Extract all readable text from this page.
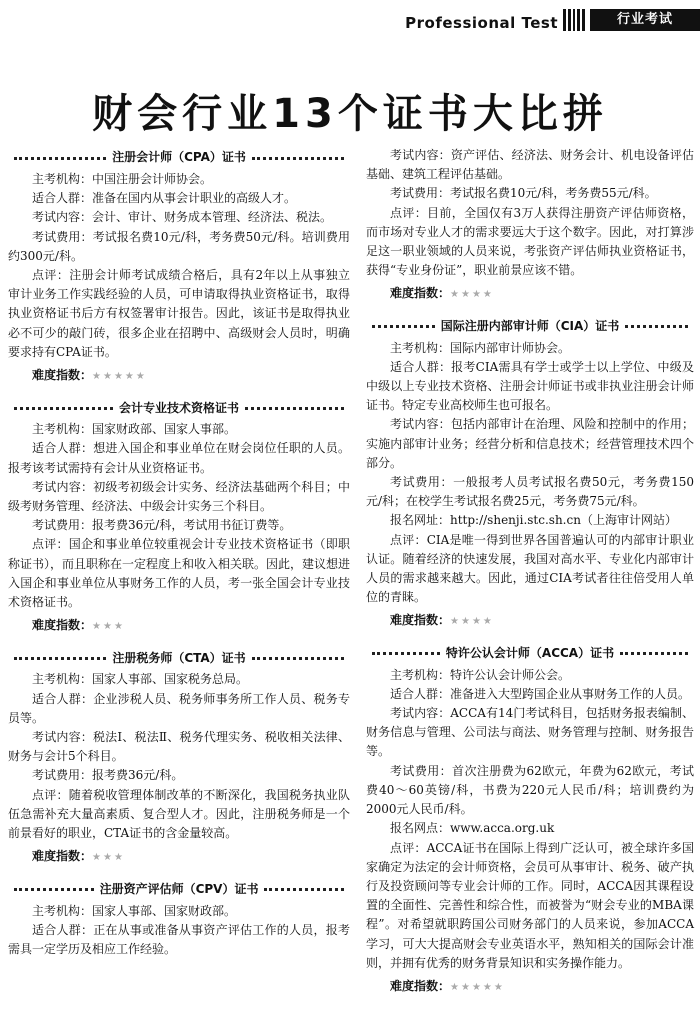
Professional Test	行业考试
财会行业13个证书大比拼
注册会计师（CPA）证书

主考机构：中国注册会计师协会。

适合人群：准备在国内从事会计职业的高级人才。

考试内容：会计、审计、财务成本管理、经济法、税法。

考试费用：考试报名费10元/科，考务费50元/科。培训费用约300元/科。

点评：注册会计师考试成绩合格后，具有2年以上从事独立审计业务工作实践经验的人员，可申请取得执业资格证书，取得执业资格证书后方有权签署审计报告。因此，该证书是取得执业必不可少的敲门砖，很多企业在招聘中、高级财会人员时，明确要求持有CPA证书。

难度指数：★★★★★
会计专业技术资格证书

主考机构：国家财政部、国家人事部。

适合人群：想进入国企和事业单位在财会岗位任职的人员。报考该考试需持有会计从业资格证书。

考试内容：初级考初级会计实务、经济法基础两个科目；中级考财务管理、经济法、中级会计实务三个科目。

考试费用：报考费36元/科，考试用书征订费等。

点评：国企和事业单位较重视会计专业技术资格证书（即职称证书），而且职称在一定程度上和收入相关联。因此，建议想进入国企和事业单位从事财务工作的人员，考一张全国会计专业技术资格证书。

难度指数：★★★
注册税务师（CTA）证书

主考机构：国家人事部、国家税务总局。

适合人群：企业涉税人员、税务师事务所工作人员、税务专员等。

考试内容：税法Ⅰ、税法Ⅱ、税务代理实务、税收相关法律、财务与会计5个科目。

考试费用：报考费36元/科。

点评：随着税收管理体制改革的不断深化，我国税务执业队伍急需补充大量高素质、复合型人才。因此，注册税务师是一个前景看好的职业，CTA证书的含金量较高。

难度指数：★★★
注册资产评估师（CPV）证书

主考机构：国家人事部、国家财政部。

适合人群：正在从事或准备从事资产评估工作的人员，报考需具一定学历及相应工作经验。

考试内容：资产评估、经济法、财务会计、机电设备评估基础、建筑工程评估基础。

考试费用：考试报名费10元/科，考务费55元/科。

点评：目前，全国仅有3万人获得注册资产评估师资格，而市场对专业人才的需求要远大于这个数字。因此，对打算涉足这一职业领域的人员来说，考张资产评估师执业资格证书，获得“专业身份证”，职业前景应该不错。

难度指数：★★★★
国际注册内部审计师（CIA）证书

主考机构：国际内部审计师协会。

适合人群：报考CIA需具有学士或学士以上学位、中级及中级以上专业技术资格、注册会计师证书或非执业注册会计师证书。特定专业高校师生也可报名。

考试内容：包括内部审计在治理、风险和控制中的作用；实施内部审计业务；经营分析和信息技术；经营管理技术四个部分。

考试费用：一般报考人员考试报名费50元，考务费150元/科；在校学生考试报名费25元，考务费75元/科。

报名网址：http://shenji.stc.sh.cn（上海审计网站）

点评：CIA是唯一得到世界各国普遍认可的内部审计职业认证。随着经济的快速发展，我国对高水平、专业化内部审计人员的需求越来越大。因此，通过CIA考试者往往倍受用人单位的青睐。

难度指数：★★★★
特许公认会计师（ACCA）证书

主考机构：特许公认会计师公会。

适合人群：准备进入大型跨国企业从事财务工作的人员。

考试内容：ACCA有14门考试科目，包括财务报表编制、财务信息与管理、公司法与商法、财务管理与控制、财务报告等。

考试费用：首次注册费为62欧元，年费为62欧元，考试费40～60英镑/科，书费为220元人民币/科；培训费约为2000元人民币/科。

报名网点：www.acca.org.uk

点评：ACCA证书在国际上得到广泛认可，被全球许多国家确定为法定的会计师资格，会员可从事审计、税务、破产执行及投资顾问等专业会计师的工作。同时，ACCA因其课程设置的全面性、完善性和综合性，而被誉为“财会专业的MBA课程”。对希望就职跨国公司财务部门的人员来说，参加ACCA学习，可大大提高财会专业英语水平，熟知相关的国际会计准则，并拥有优秀的财务背景知识和实务操作能力。

难度指数：★★★★★
